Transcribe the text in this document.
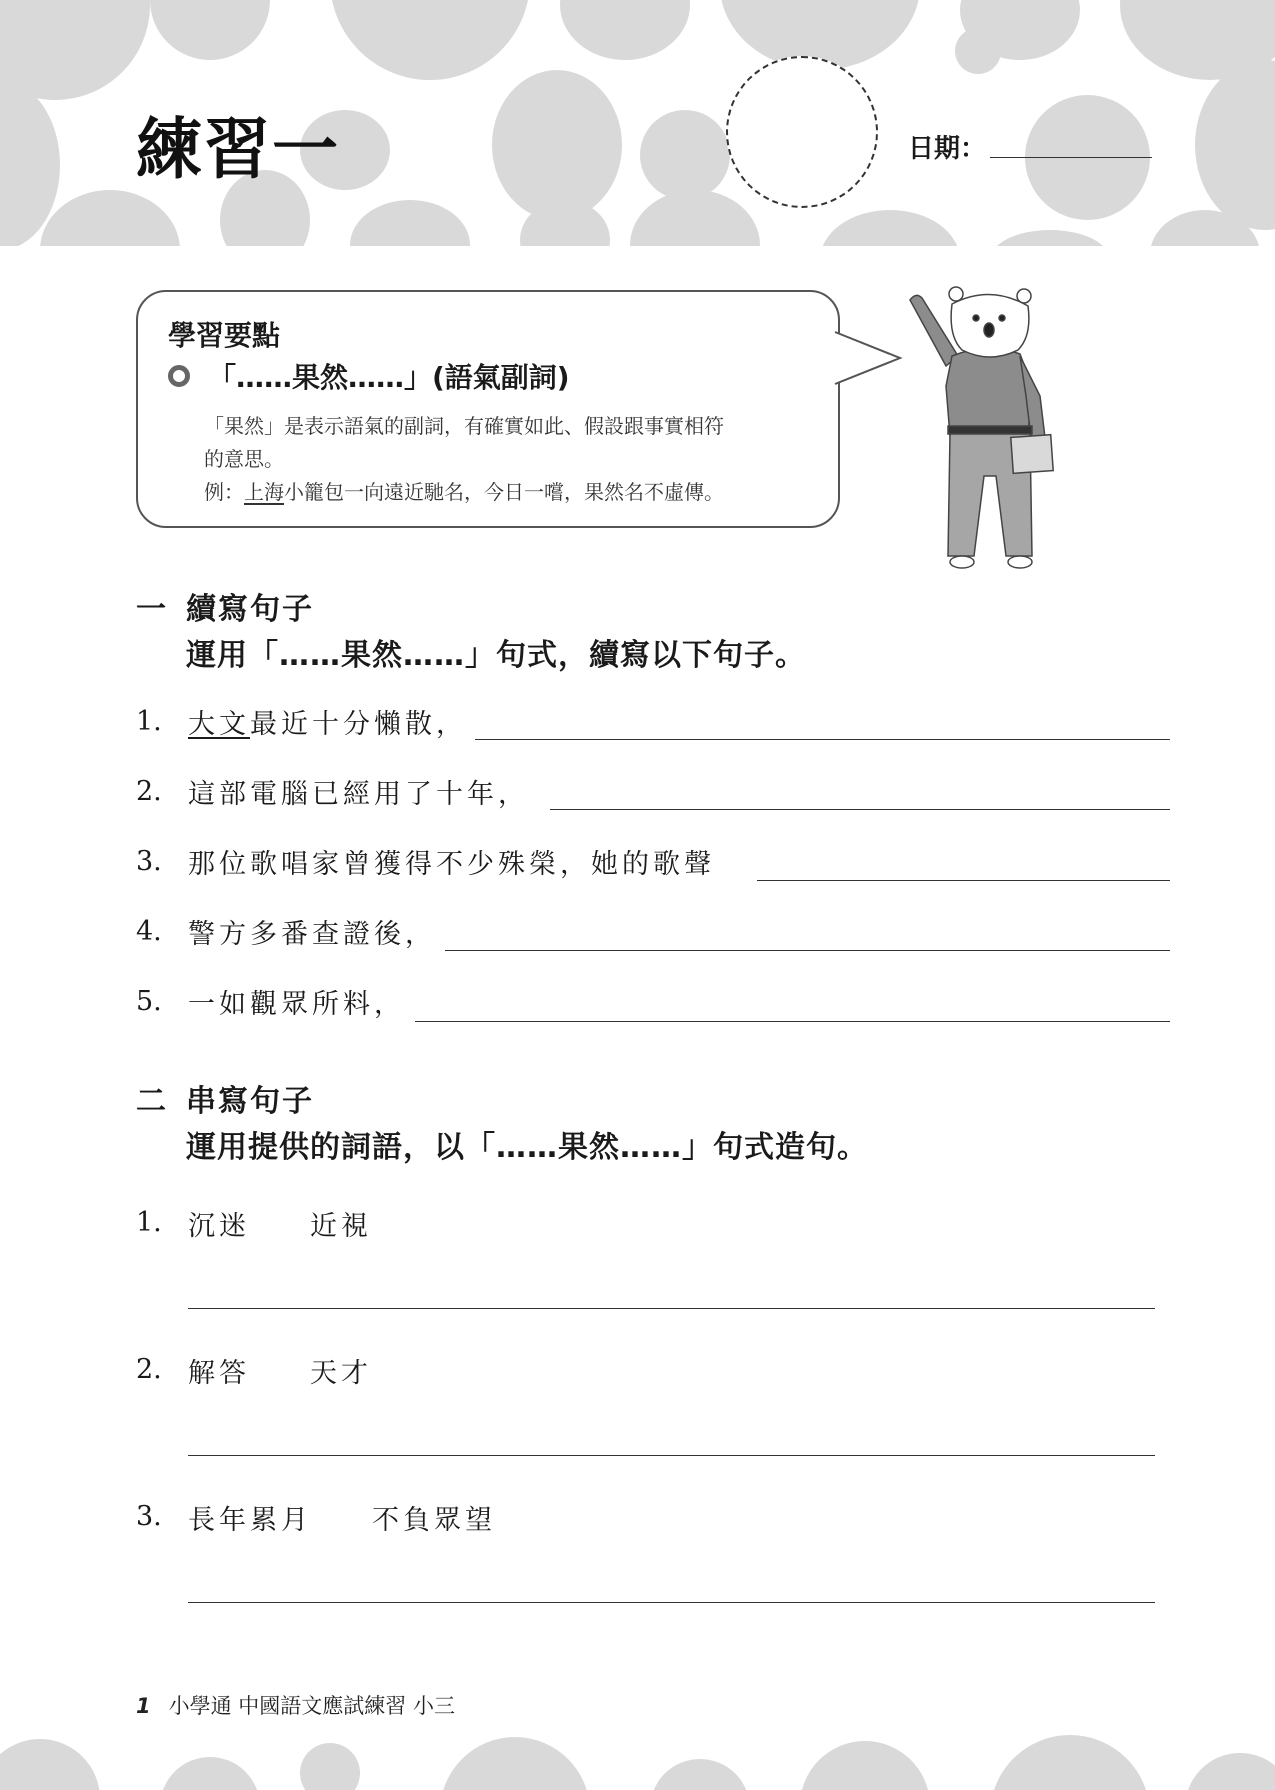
練習一	日期：
學習要點
「……果然……」(語氣副詞)
「果然」是表示語氣的副詞，有確實如此、假設跟事實相符
的意思。
例：上海小籠包一向遠近馳名，今日一嚐，果然名不虛傳。
一 續寫句子
運用「……果然……」句式，續寫以下句子。
1. 大文最近十分懶散，
2. 這部電腦已經用了十年，
3. 那位歌唱家曾獲得不少殊榮，她的歌聲
4. 警方多番查證後，
5. 一如觀眾所料，
二 串寫句子
運用提供的詞語，以「……果然……」句式造句。
1. 沉迷 近視
2. 解答 天才
3. 長年累月 不負眾望
1 小學通 中國語文應試練習 小三
